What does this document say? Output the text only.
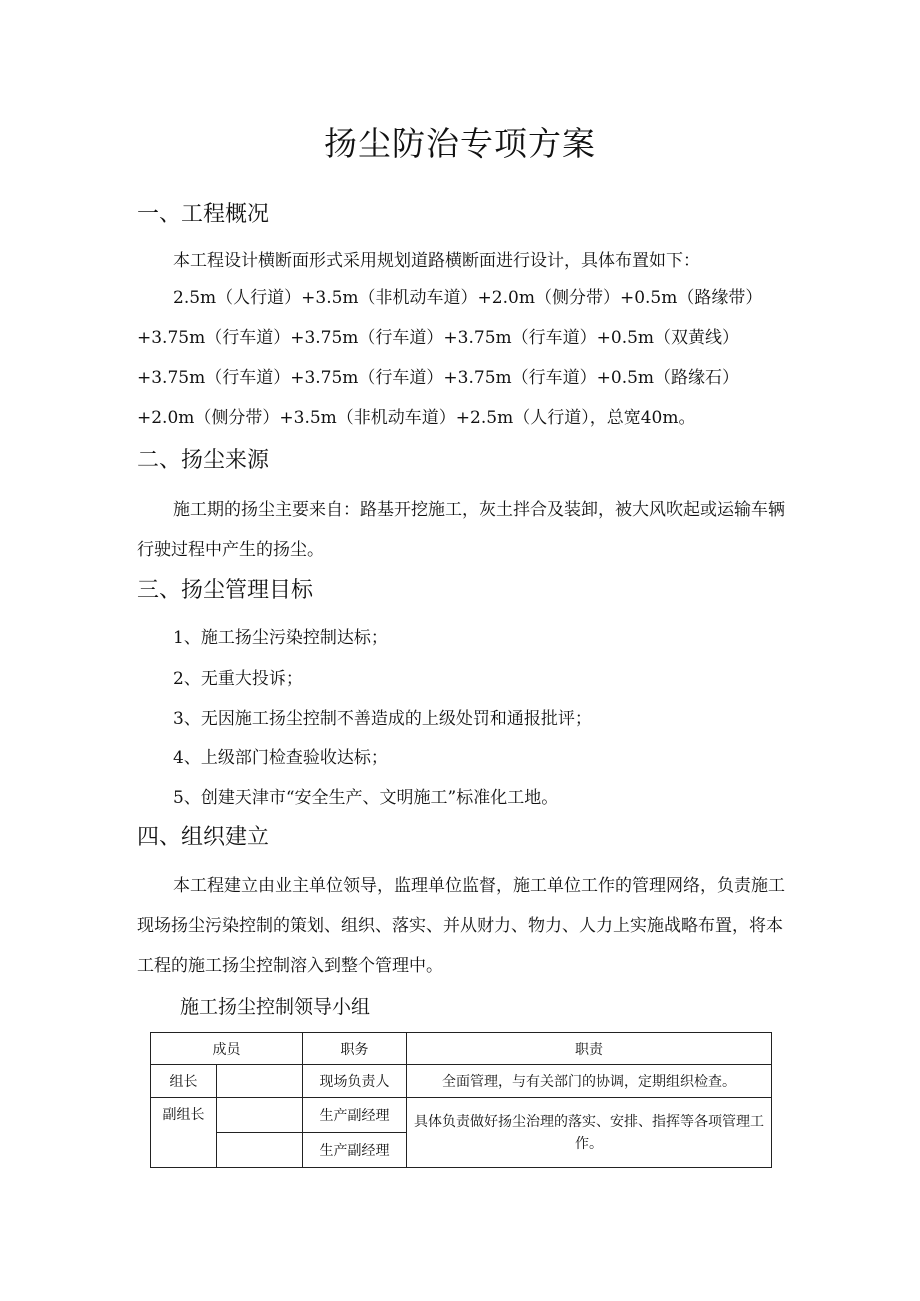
扬尘防治专项方案
一、工程概况

本工程设计横断面形式采用规划道路横断面进行设计，具体布置如下：

2.5m（人行道）+3.5m（非机动车道）+2.0m（侧分带）+0.5m（路缘带）+3.75m（行车道）+3.75m（行车道）+3.75m（行车道）+0.5m（双黄线）+3.75m（行车道）+3.75m（行车道）+3.75m（行车道）+0.5m（路缘石）+2.0m（侧分带）+3.5m（非机动车道）+2.5m（人行道），总宽40m。

二、扬尘来源

施工期的扬尘主要来自：路基开挖施工，灰土拌合及装卸，被大风吹起或运输车辆行驶过程中产生的扬尘。

三、扬尘管理目标

1、施工扬尘污染控制达标；

2、无重大投诉；

3、无因施工扬尘控制不善造成的上级处罚和通报批评；

4、上级部门检查验收达标；

5、创建天津市“安全生产、文明施工”标准化工地。

四、组织建立

本工程建立由业主单位领导，监理单位监督，施工单位工作的管理网络，负责施工现场扬尘污染控制的策划、组织、落实、并从财力、物力、人力上实施战略布置，将本工程的施工扬尘控制溶入到整个管理中。

施工扬尘控制领导小组

成员		职务	职责
组长		现场负责人	全面管理，与有关部门的协调，定期组织检查。
副组长		生产副经理	具体负责做好扬尘治理的落实、安排、指挥等各项管理工作。
		生产副经理	
